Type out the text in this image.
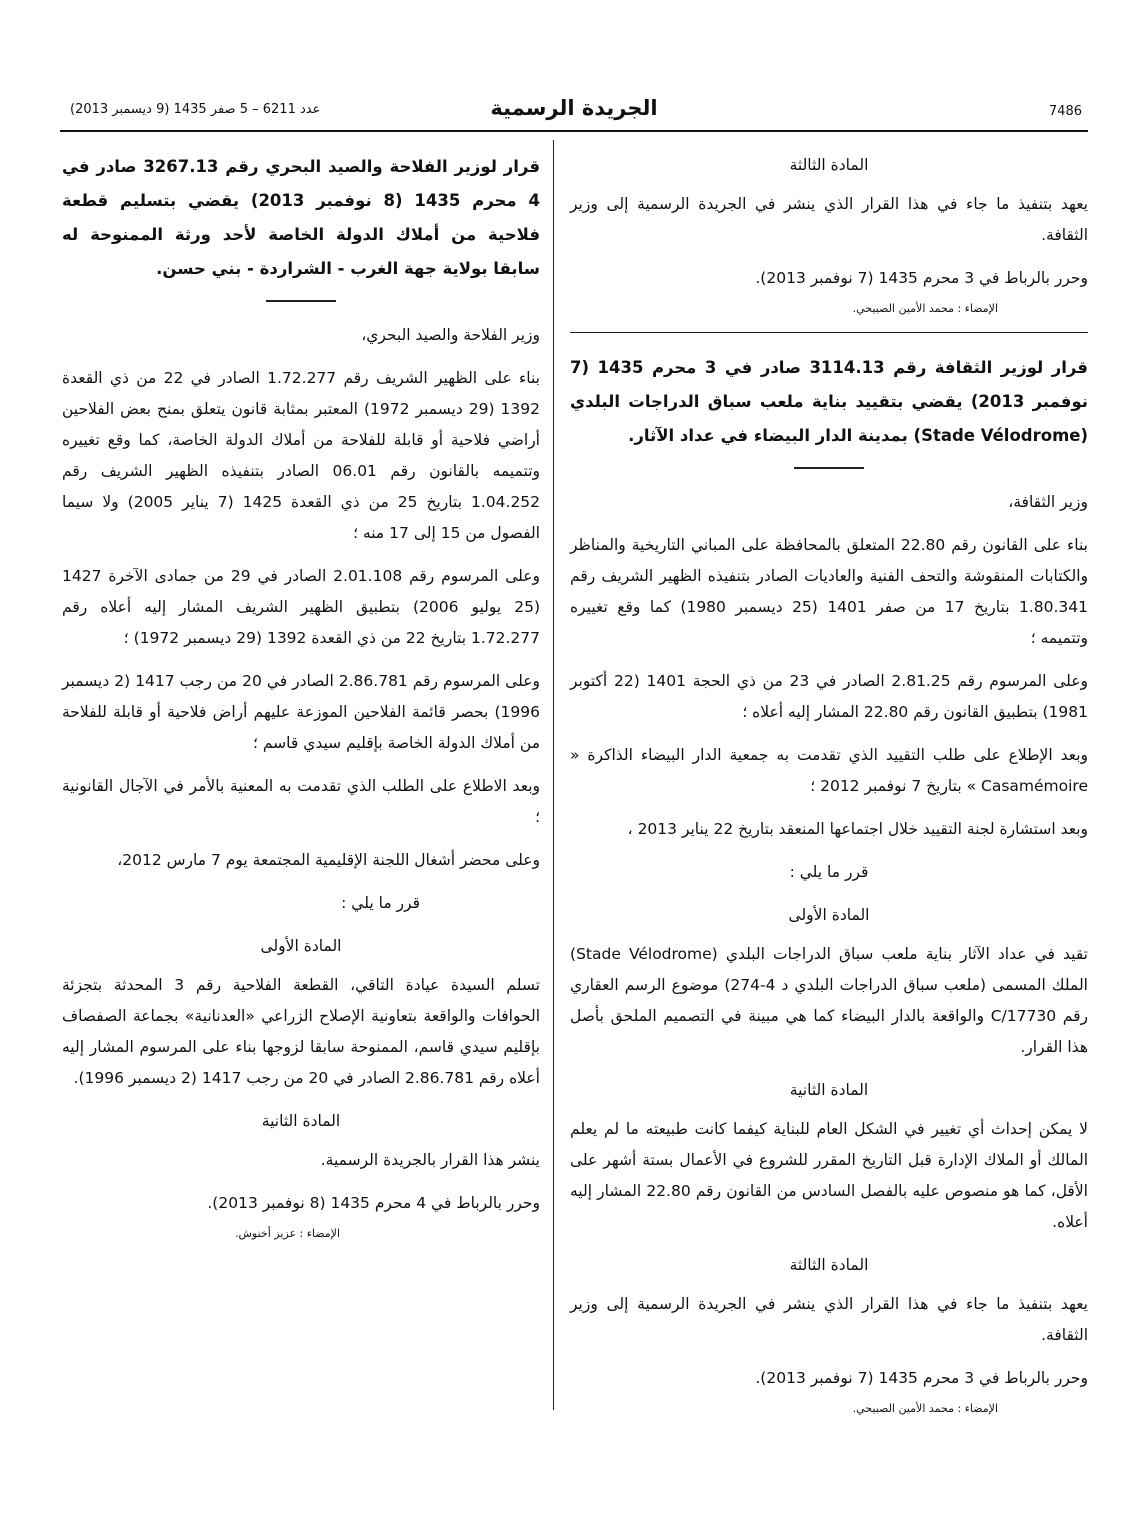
عدد 6211 – 5 صفر 1435 (9 ديسمبر 2013)	الجريدة الرسمية	7486

المادة الثالثة

يعهد بتنفيذ ما جاء في هذا القرار الذي ينشر في الجريدة الرسمية إلى وزير الثقافة.

وحرر بالرباط في 3 محرم 1435 (7 نوفمبر 2013).

الإمضاء : محمد الأمين الصبيحي.

قرار لوزير الثقافة رقم 3114.13 صادر في 3 محرم 1435 (7 نوفمبر 2013) يقضي بتقييد بناية ملعب سباق الدراجات البلدي (Stade Vélodrome) بمدينة الدار البيضاء في عداد الآثار.

وزير الثقافة،

بناء على القانون رقم 22.80 المتعلق بالمحافظة على المباني التاريخية والمناظر والكتابات المنقوشة والتحف الفنية والعاديات الصادر بتنفيذه الظهير الشريف رقم 1.80.341 بتاريخ 17 من صفر 1401 (25 ديسمبر 1980) كما وقع تغييره وتتميمه ؛

وعلى المرسوم رقم 2.81.25 الصادر في 23 من ذي الحجة 1401 (22 أكتوبر 1981) بتطبيق القانون رقم 22.80 المشار إليه أعلاه ؛

وبعد الإطلاع على طلب التقييد الذي تقدمت به جمعية الدار البيضاء الذاكرة « Casamémoire » بتاريخ 7 نوفمبر 2012 ؛

وبعد استشارة لجنة التقييد خلال اجتماعها المنعقد بتاريخ 22 يناير 2013 ،

قرر ما يلي :

المادة الأولى

تقيد في عداد الآثار بناية ملعب سباق الدراجات البلدي (Stade Vélodrome) الملك المسمى (ملعب سباق الدراجات البلدي د 4-274) موضوع الرسم العقاري رقم 17730/C والواقعة بالدار البيضاء كما هي مبينة في التصميم الملحق بأصل هذا القرار.

المادة الثانية

لا يمكن إحداث أي تغيير في الشكل العام للبناية كيفما كانت طبيعته ما لم يعلم المالك أو الملاك الإدارة قبل التاريخ المقرر للشروع في الأعمال بستة أشهر على الأقل، كما هو منصوص عليه بالفصل السادس من القانون رقم 22.80 المشار إليه أعلاه.

المادة الثالثة

يعهد بتنفيذ ما جاء في هذا القرار الذي ينشر في الجريدة الرسمية إلى وزير الثقافة.

وحرر بالرباط في 3 محرم 1435 (7 نوفمبر 2013).

الإمضاء : محمد الأمين الصبيحي.

قرار لوزير الفلاحة والصيد البحري رقم 3267.13 صادر في 4 محرم 1435 (8 نوفمبر 2013) يقضي بتسليم قطعة فلاحية من أملاك الدولة الخاصة لأحد ورثة الممنوحة له سابقا بولاية جهة الغرب - الشراردة - بني حسن.

وزير الفلاحة والصيد البحري،

بناء على الظهير الشريف رقم 1.72.277 الصادر في 22 من ذي القعدة 1392 (29 ديسمبر 1972) المعتبر بمثابة قانون يتعلق بمنح بعض الفلاحين أراضي فلاحية أو قابلة للفلاحة من أملاك الدولة الخاصة، كما وقع تغييره وتتميمه بالقانون رقم 06.01 الصادر بتنفيذه الظهير الشريف رقم 1.04.252 بتاريخ 25 من ذي القعدة 1425 (7 يناير 2005) ولا سيما الفصول من 15 إلى 17 منه ؛

وعلى المرسوم رقم 2.01.108 الصادر في 29 من جمادى الآخرة 1427 (25 يوليو 2006) بتطبيق الظهير الشريف المشار إليه أعلاه رقم 1.72.277 بتاريخ 22 من ذي القعدة 1392 (29 ديسمبر 1972) ؛

وعلى المرسوم رقم 2.86.781 الصادر في 20 من رجب 1417 (2 ديسمبر 1996) بحصر قائمة الفلاحين الموزعة عليهم أراض فلاحية أو قابلة للفلاحة من أملاك الدولة الخاصة بإقليم سيدي قاسم ؛

وبعد الاطلاع على الطلب الذي تقدمت به المعنية بالأمر في الآجال القانونية ؛

وعلى محضر أشغال اللجنة الإقليمية المجتمعة يوم 7 مارس 2012،

قرر ما يلي :

المادة الأولى

تسلم السيدة عيادة التاقي، القطعة الفلاحية رقم 3 المحدثة بتجزئة الحوافات والواقعة بتعاونية الإصلاح الزراعي «العدنانية» بجماعة الصفصاف بإقليم سيدي قاسم، الممنوحة سابقا لزوجها بناء على المرسوم المشار إليه أعلاه رقم 2.86.781 الصادر في 20 من رجب 1417 (2 ديسمبر 1996).

المادة الثانية

ينشر هذا القرار بالجريدة الرسمية.

وحرر بالرباط في 4 محرم 1435 (8 نوفمبر 2013).

الإمضاء : عزيز أخنوش.
